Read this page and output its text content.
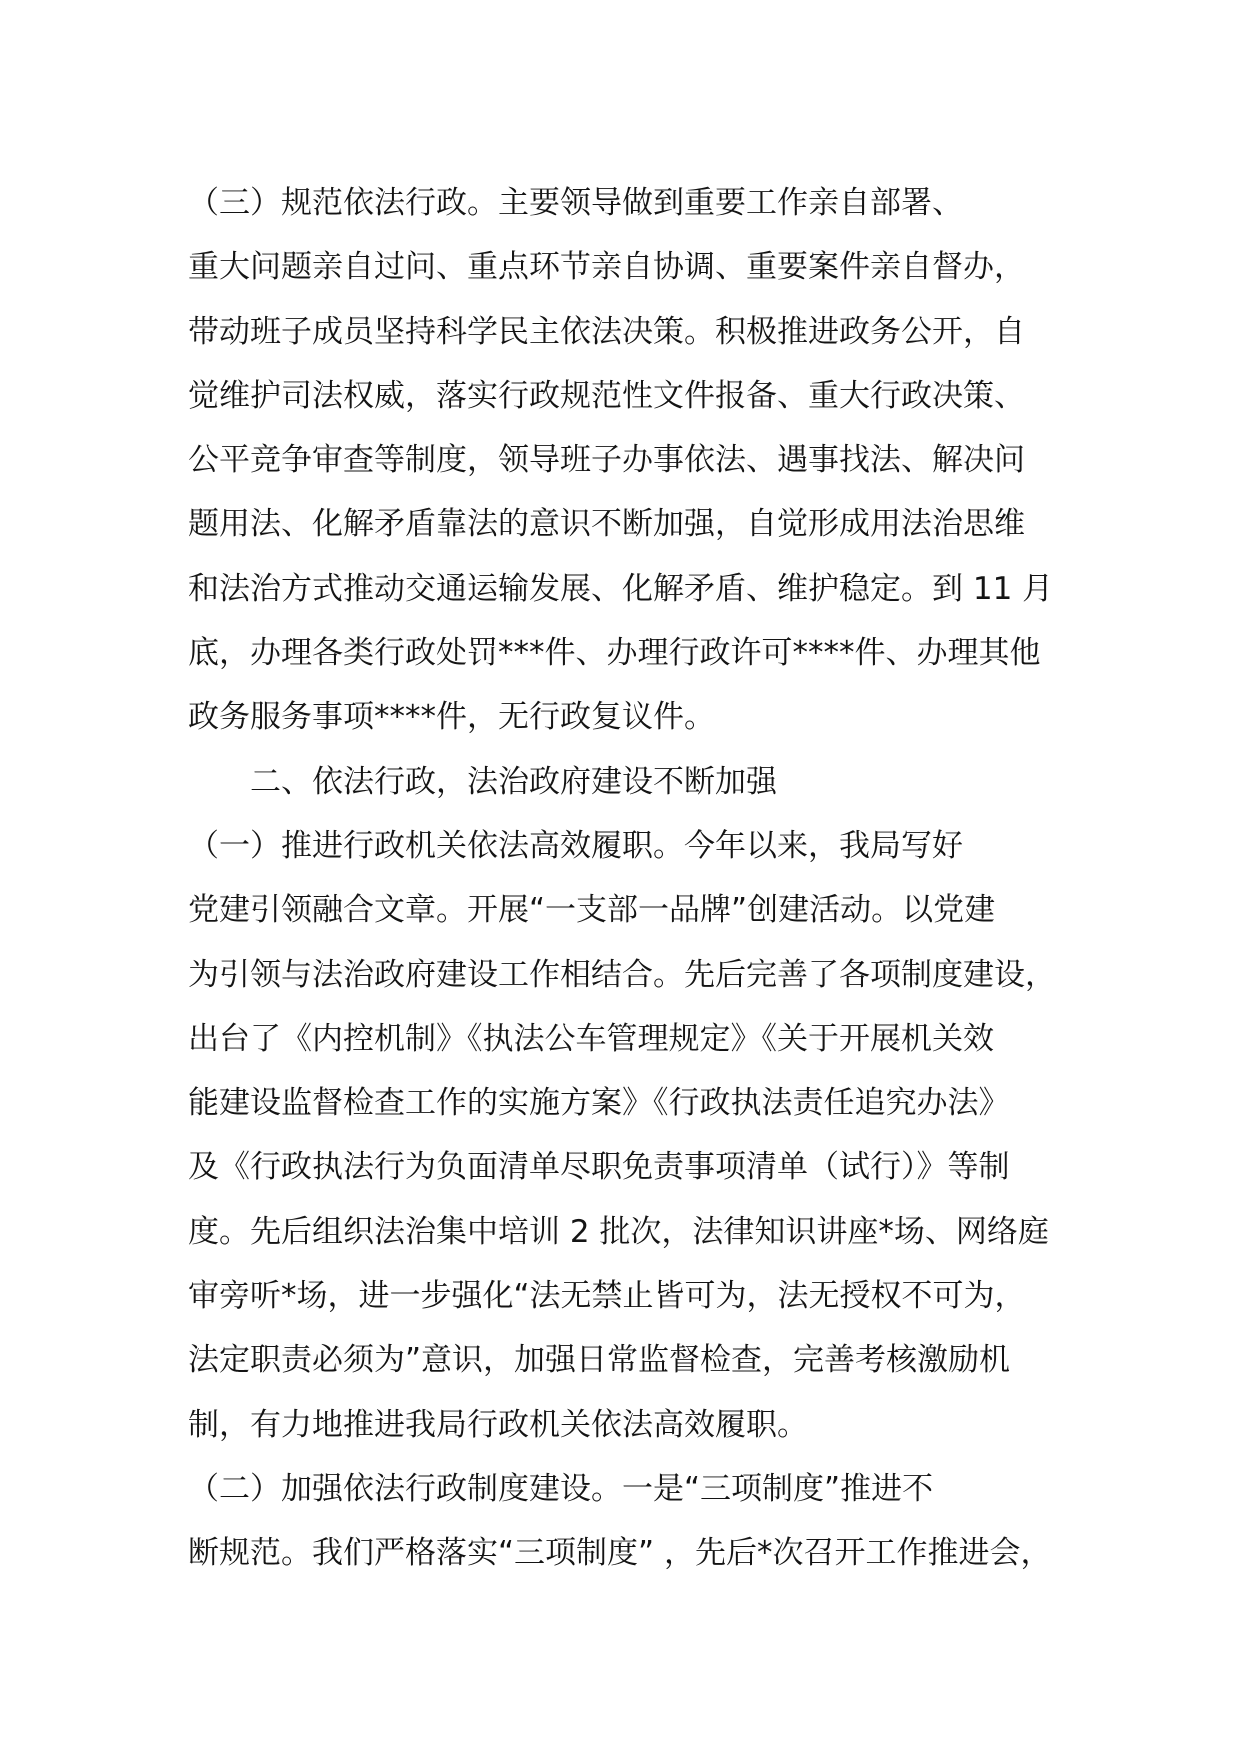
（三）规范依法行政。主要领导做到重要工作亲自部署、
重大问题亲自过问、重点环节亲自协调、重要案件亲自督办，
带动班子成员坚持科学民主依法决策。积极推进政务公开，自
觉维护司法权威，落实行政规范性文件报备、重大行政决策、
公平竞争审查等制度，领导班子办事依法、遇事找法、解决问
题用法、化解矛盾靠法的意识不断加强，自觉形成用法治思维
和法治方式推动交通运输发展、化解矛盾、维护稳定。到 11 月
底，办理各类行政处罚***件、办理行政许可****件、办理其他
政务服务事项****件，无行政复议件。
二、依法行政，法治政府建设不断加强
（一）推进行政机关依法高效履职。今年以来，我局写好
党建引领融合文章。开展“一支部一品牌”创建活动。以党建
为引领与法治政府建设工作相结合。先后完善了各项制度建设，
出台了《内控机制》《执法公车管理规定》《关于开展机关效
能建设监督检查工作的实施方案》《行政执法责任追究办法》
及《行政执法行为负面清单尽职免责事项清单（试行）》等制
度。先后组织法治集中培训 2 批次，法律知识讲座*场、网络庭
审旁听*场，进一步强化“法无禁止皆可为，法无授权不可为，
法定职责必须为”意识，加强日常监督检查，完善考核激励机
制，有力地推进我局行政机关依法高效履职。
（二）加强依法行政制度建设。一是“三项制度”推进不
断规范。我们严格落实“三项制度” ，先后*次召开工作推进会，
